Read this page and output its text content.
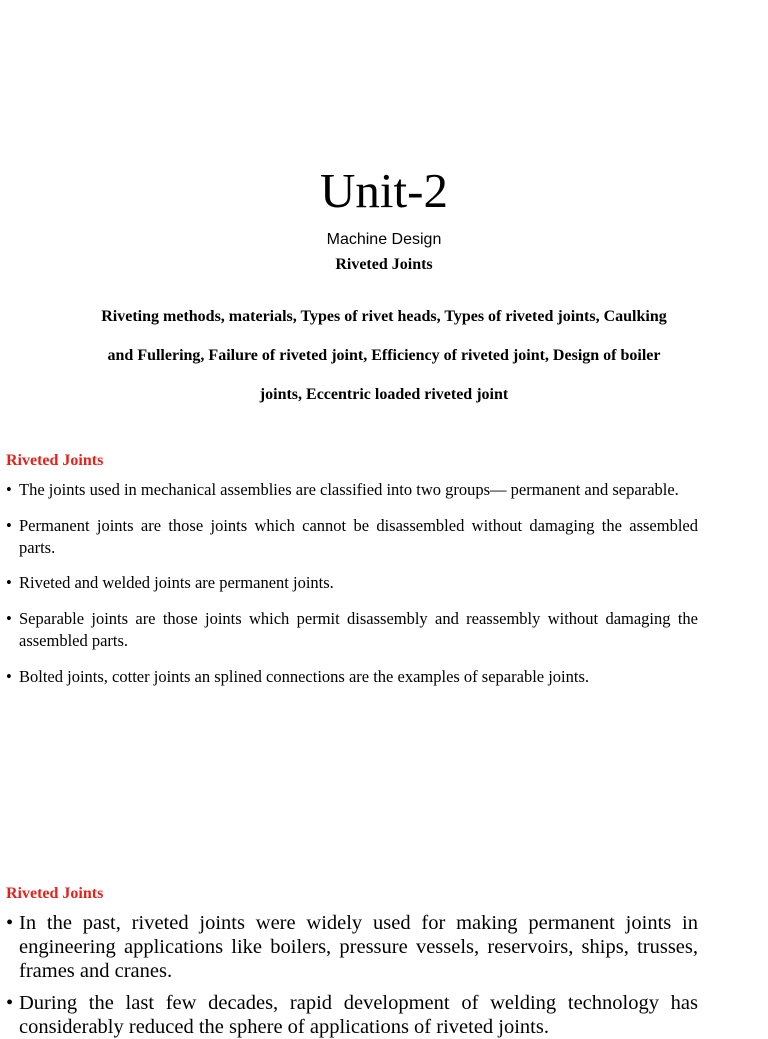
Unit-2
Machine Design
Riveted Joints
Riveting methods, materials, Types of rivet heads, Types of riveted joints, Caulking and Fullering, Failure of riveted joint, Efficiency of riveted joint, Design of boiler joints, Eccentric loaded riveted joint
Riveted Joints
• The joints used in mechanical assemblies are classified into two groups— permanent and separable.
• Permanent joints are those joints which cannot be disassembled without damaging the assembled parts.
• Riveted and welded joints are permanent joints.
• Separable joints are those joints which permit disassembly and reassembly without damaging the assembled parts.
• Bolted joints, cotter joints an splined connections are the examples of separable joints.
Riveted Joints
• In the past, riveted joints were widely used for making permanent joints in engineering applications like boilers, pressure vessels, reservoirs, ships, trusses, frames and cranes.
• During the last few decades, rapid development of welding technology has considerably reduced the sphere of applications of riveted joints.
